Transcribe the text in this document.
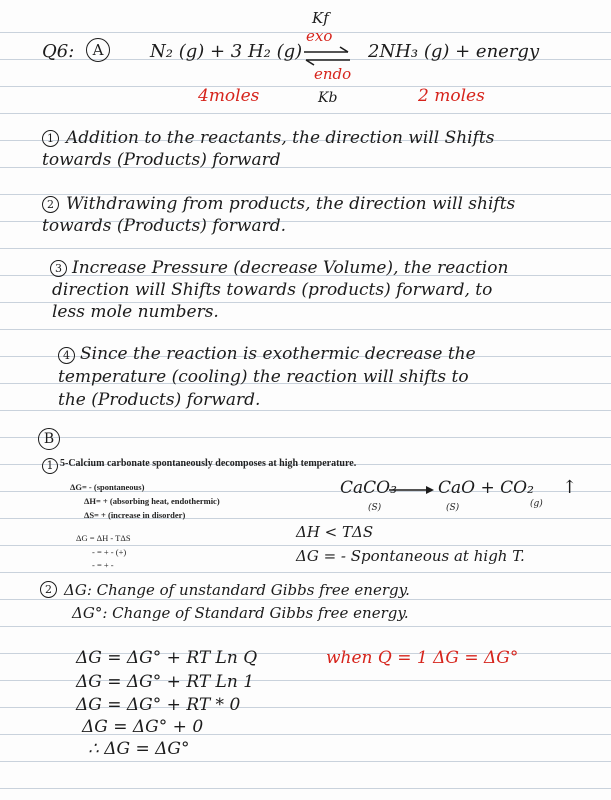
Q6:	A	N₂ (g) + 3 H₂ (g)
Kf
exo
endo
Kb
2NH₃ (g) + energy
4moles	2 moles
1 Addition to the reactants, the direction will Shifts
towards (Products) forward
2 Withdrawing from products, the direction will shifts
towards (Products) forward.
3 Increase Pressure (decrease Volume), the reaction
direction will Shifts towards (products) forward, to
less mole numbers.
4 Since the reaction is exothermic decrease the
temperature (cooling) the reaction will shifts to
the (Products) forward.
B
1 5-Calcium carbonate spontaneously decomposes at high temperature.
ΔG= - (spontaneous)
ΔH= + (absorbing heat, endothermic)
ΔS= + (increase in disorder)
ΔG = ΔH - TΔS
- = + - (+)
- = + -
CaCO₃
(S)
→ CaO + CO₂
(S)	(g)
↑
ΔH < TΔS
ΔG = - Spontaneous at high T.
2 ΔG: Change of unstandard Gibbs free energy.
ΔG°: Change of Standard Gibbs free energy.
ΔG = ΔG° + RT Ln Q	when Q = 1 ΔG = ΔG°
ΔG = ΔG° + RT Ln 1
ΔG = ΔG° + RT * 0
ΔG = ΔG° + 0
∴ ΔG = ΔG°
